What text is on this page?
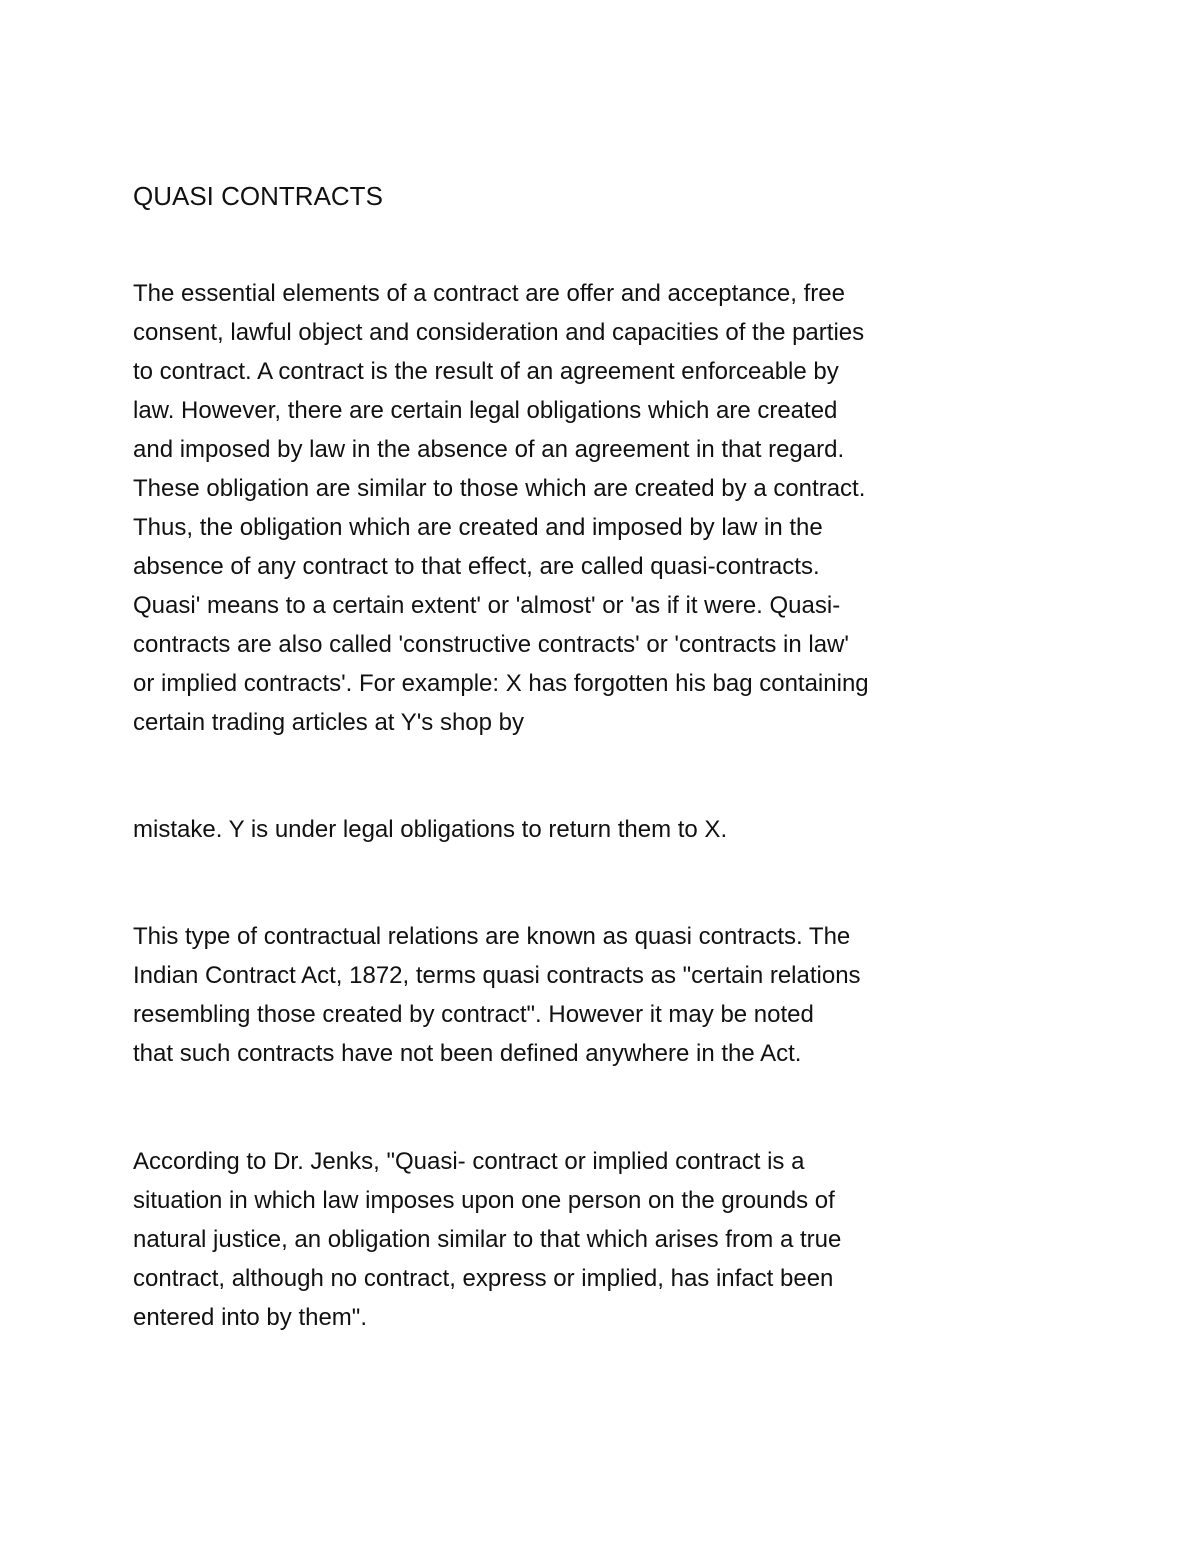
QUASI CONTRACTS
The essential elements of a contract are offer and acceptance, free
consent, lawful object and consideration and capacities of the parties
to contract. A contract is the result of an agreement enforceable by
law. However, there are certain legal obligations which are created
and imposed by law in the absence of an agreement in that regard.
These obligation are similar to those which are created by a contract.
Thus, the obligation which are created and imposed by law in the
absence of any contract to that effect, are called quasi-contracts.
Quasi' means to a certain extent' or 'almost' or 'as if it were. Quasi-
contracts are also called 'constructive contracts' or 'contracts in law'
or implied contracts'. For example: X has forgotten his bag containing
certain trading articles at Y's shop by
mistake. Y is under legal obligations to return them to X.
This type of contractual relations are known as quasi contracts. The
Indian Contract Act, 1872, terms quasi contracts as "certain relations
resembling those created by contract". However it may be noted
that such contracts have not been defined anywhere in the Act.
According to Dr. Jenks, "Quasi- contract or implied contract is a
situation in which law imposes upon one person on the grounds of
natural justice, an obligation similar to that which arises from a true
contract, although no contract, express or implied, has infact been
entered into by them".
